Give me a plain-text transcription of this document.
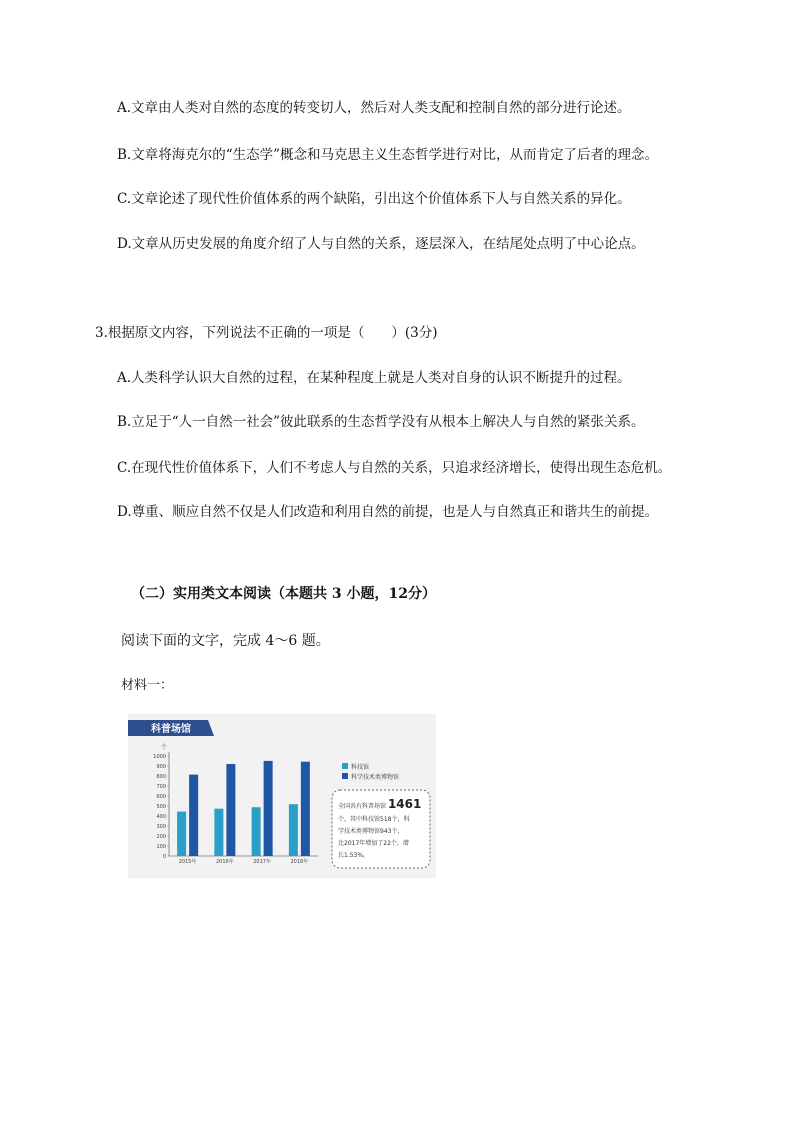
A.文章由人类对自然的态度的转变切人，然后对人类支配和控制自然的部分进行论述。
B.文章将海克尔的“生态学”概念和马克思主义生态哲学进行对比，从而肯定了后者的理念。
C.文章论述了现代性价值体系的两个缺陷，引出这个价值体系下人与自然关系的异化。
D.文章从历史发展的角度介绍了人与自然的关系，逐层深入，在结尾处点明了中心论点。
3.根据原文内容，下列说法不正确的一项是（　　）(3分)
A.人类科学认识大自然的过程，在某种程度上就是人类对自身的认识不断提升的过程。
B.立足于“人一自然一社会”彼此联系的生态哲学没有从根本上解决人与自然的紧张关系。
C.在现代性价值体系下，人们不考虑人与自然的关系，只追求经济增长，使得出现生态危机。
D.尊重、顺应自然不仅是人们改造和利用自然的前提，也是人与自然真正和谐共生的前提。
（二）实用类文本阅读（本题共 3 小题，12分）
阅读下面的文字，完成 4～6 题。
材料一：
科普场馆
个
0
100
200
300
400
500
600
700
800
900
1000
2015年	2016年	2017年	2018年
科技馆
科学技术类博物馆
全国共有科普场馆 1461
个，其中科技馆518个，科
学技术类博物馆943个，
比2017年增加了22个，增
长1.53%。
